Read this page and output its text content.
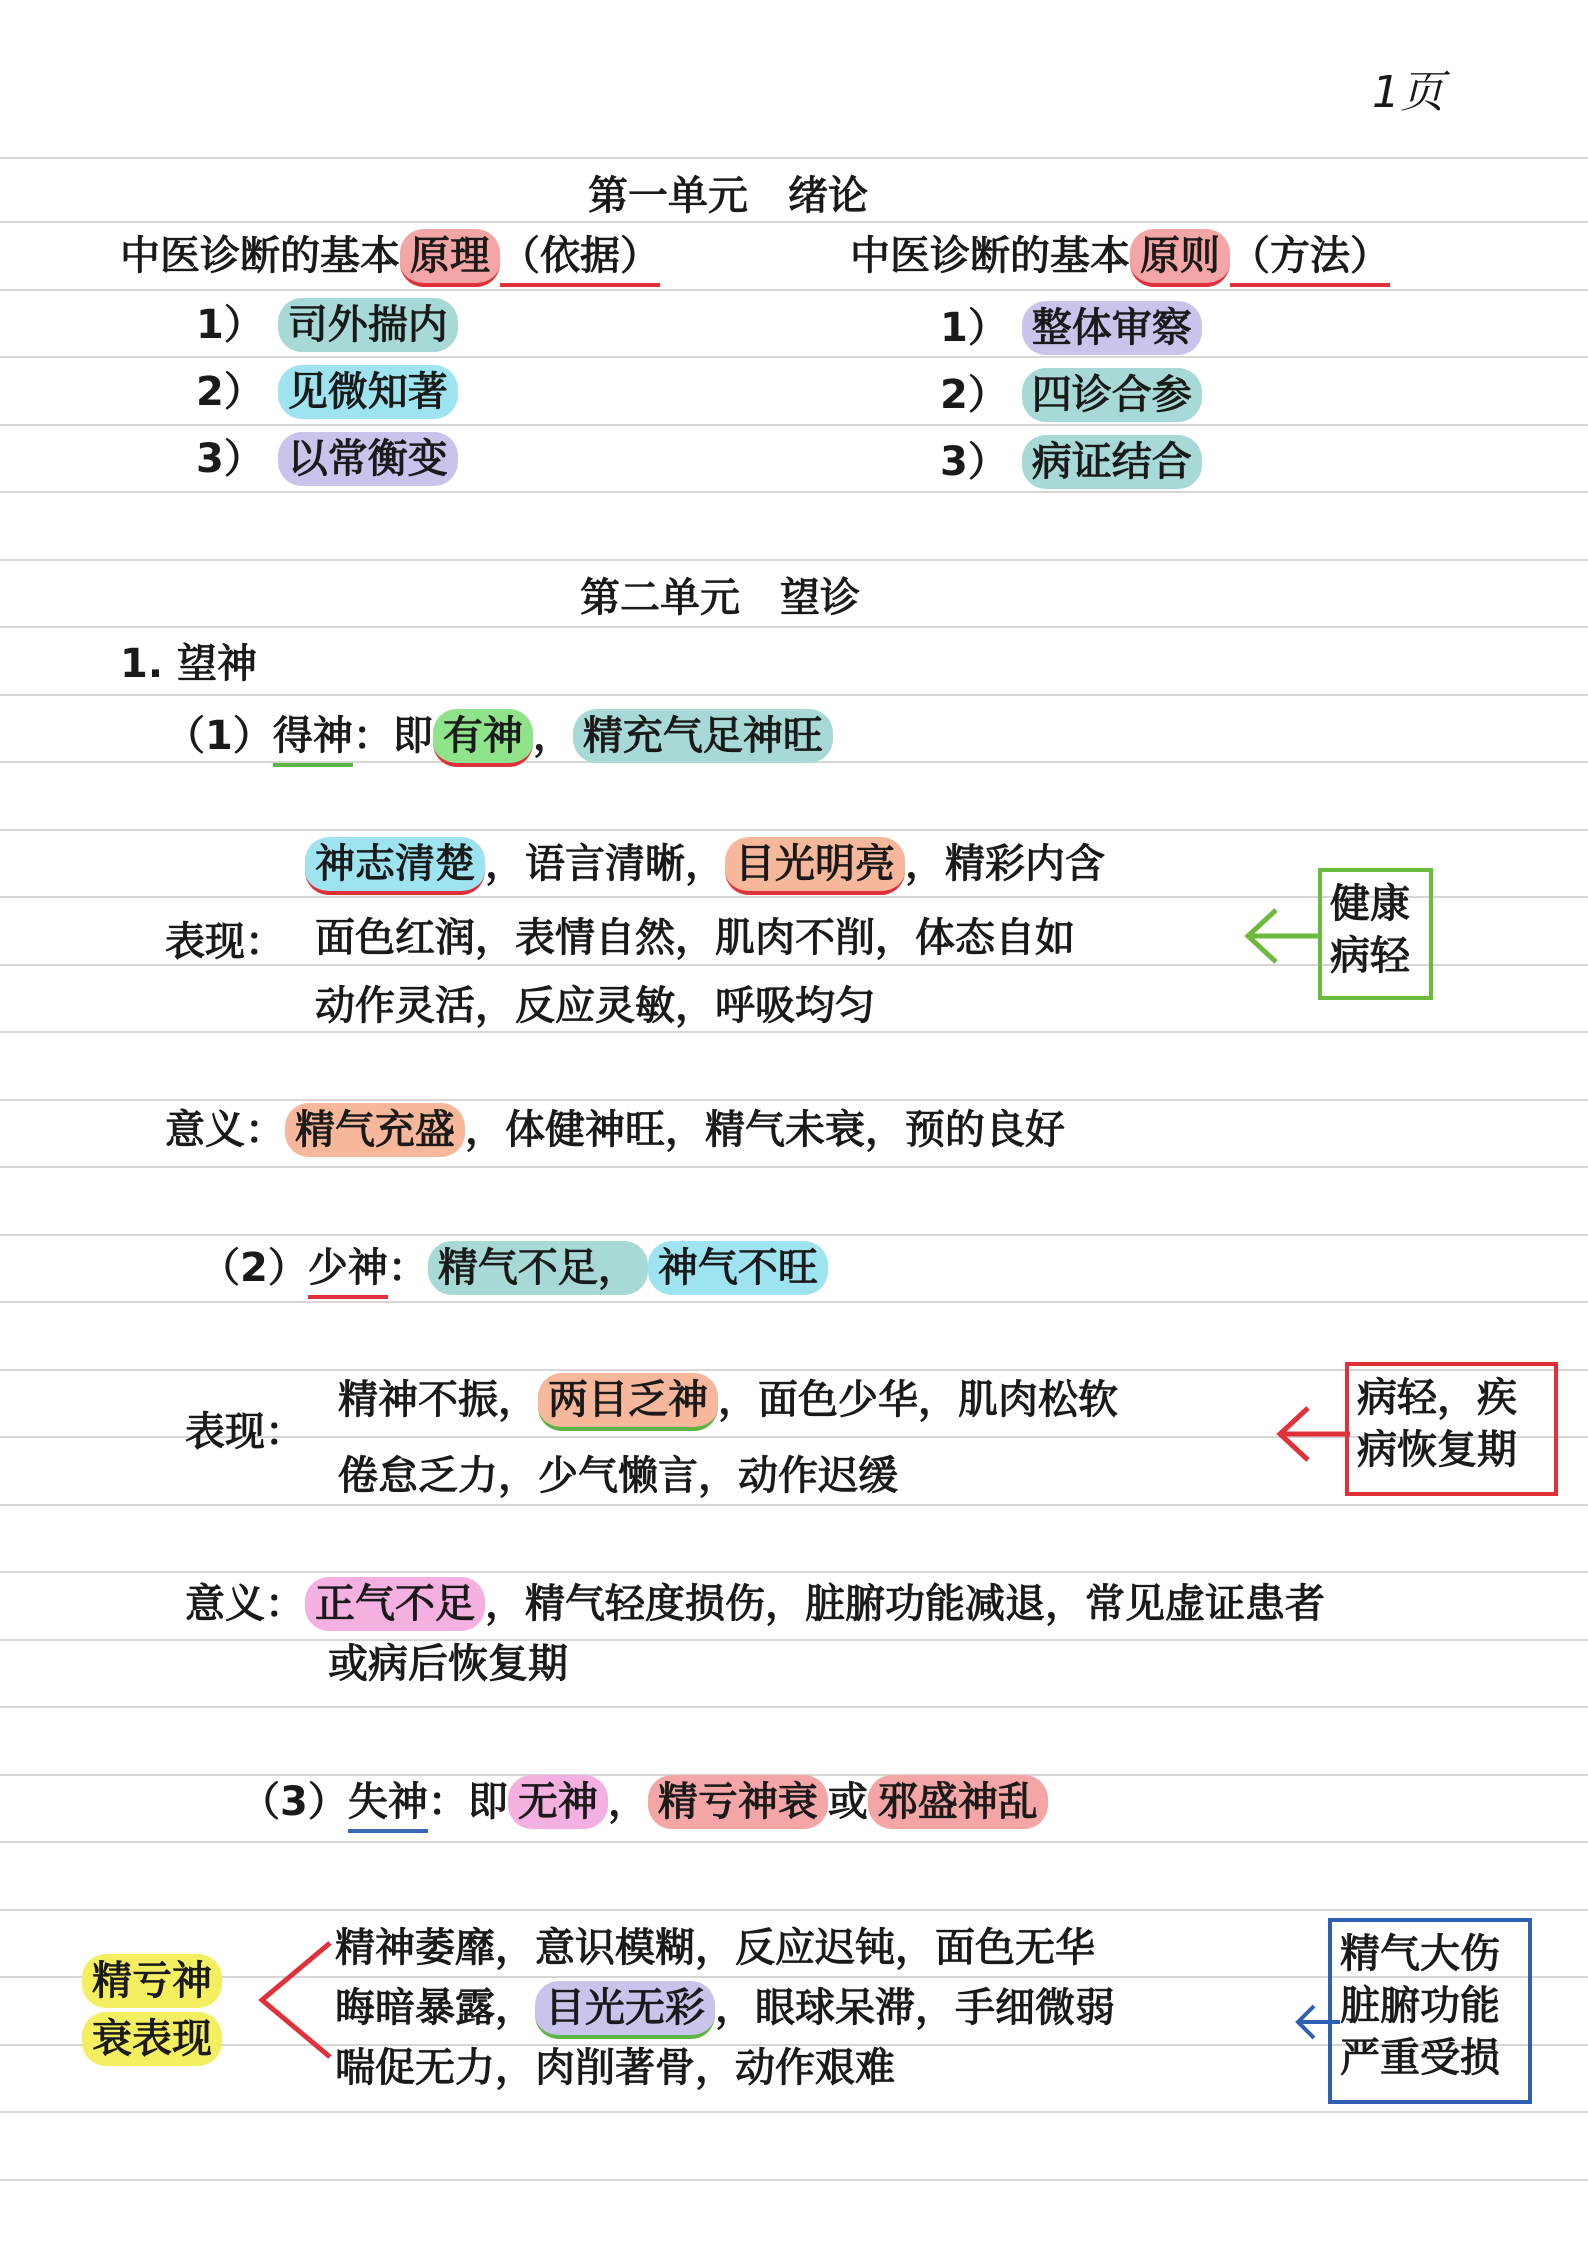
1页
第一单元　绪论
中医诊断的基本 原理 （依据）	中医诊断的基本 原则 （方法）
1） 司外揣内
2） 见微知著
3） 以常衡变
1） 整体审察
2） 四诊合参
3） 病证结合
第二单元　望诊
1. 望神
（1）得神：即 有神 ， 精充气足神旺
神志清楚 ，语言清晰， 目光明亮 ，精彩内含
表现： 面色红润，表情自然，肌肉不削，体态自如
动作灵活，反应灵敏，呼吸均匀
健康
病轻
意义： 精气充盛 ，体健神旺，精气未衰，预的良好
（2）少神： 精气不足， 神气不旺
表现：
精神不振， 两目乏神 ，面色少华，肌肉松软
倦怠乏力，少气懒言，动作迟缓
病轻，疾
病恢复期
意义： 正气不足 ，精气轻度损伤，脏腑功能减退，常见虚证患者
或病后恢复期
（3）失神：即 无神 ， 精亏神衰 或 邪盛神乱
精亏神
衰表现
精神萎靡，意识模糊，反应迟钝，面色无华
晦暗暴露， 目光无彩 ，眼球呆滞，手细微弱
喘促无力，肉削著骨，动作艰难
精气大伤
脏腑功能
严重受损
